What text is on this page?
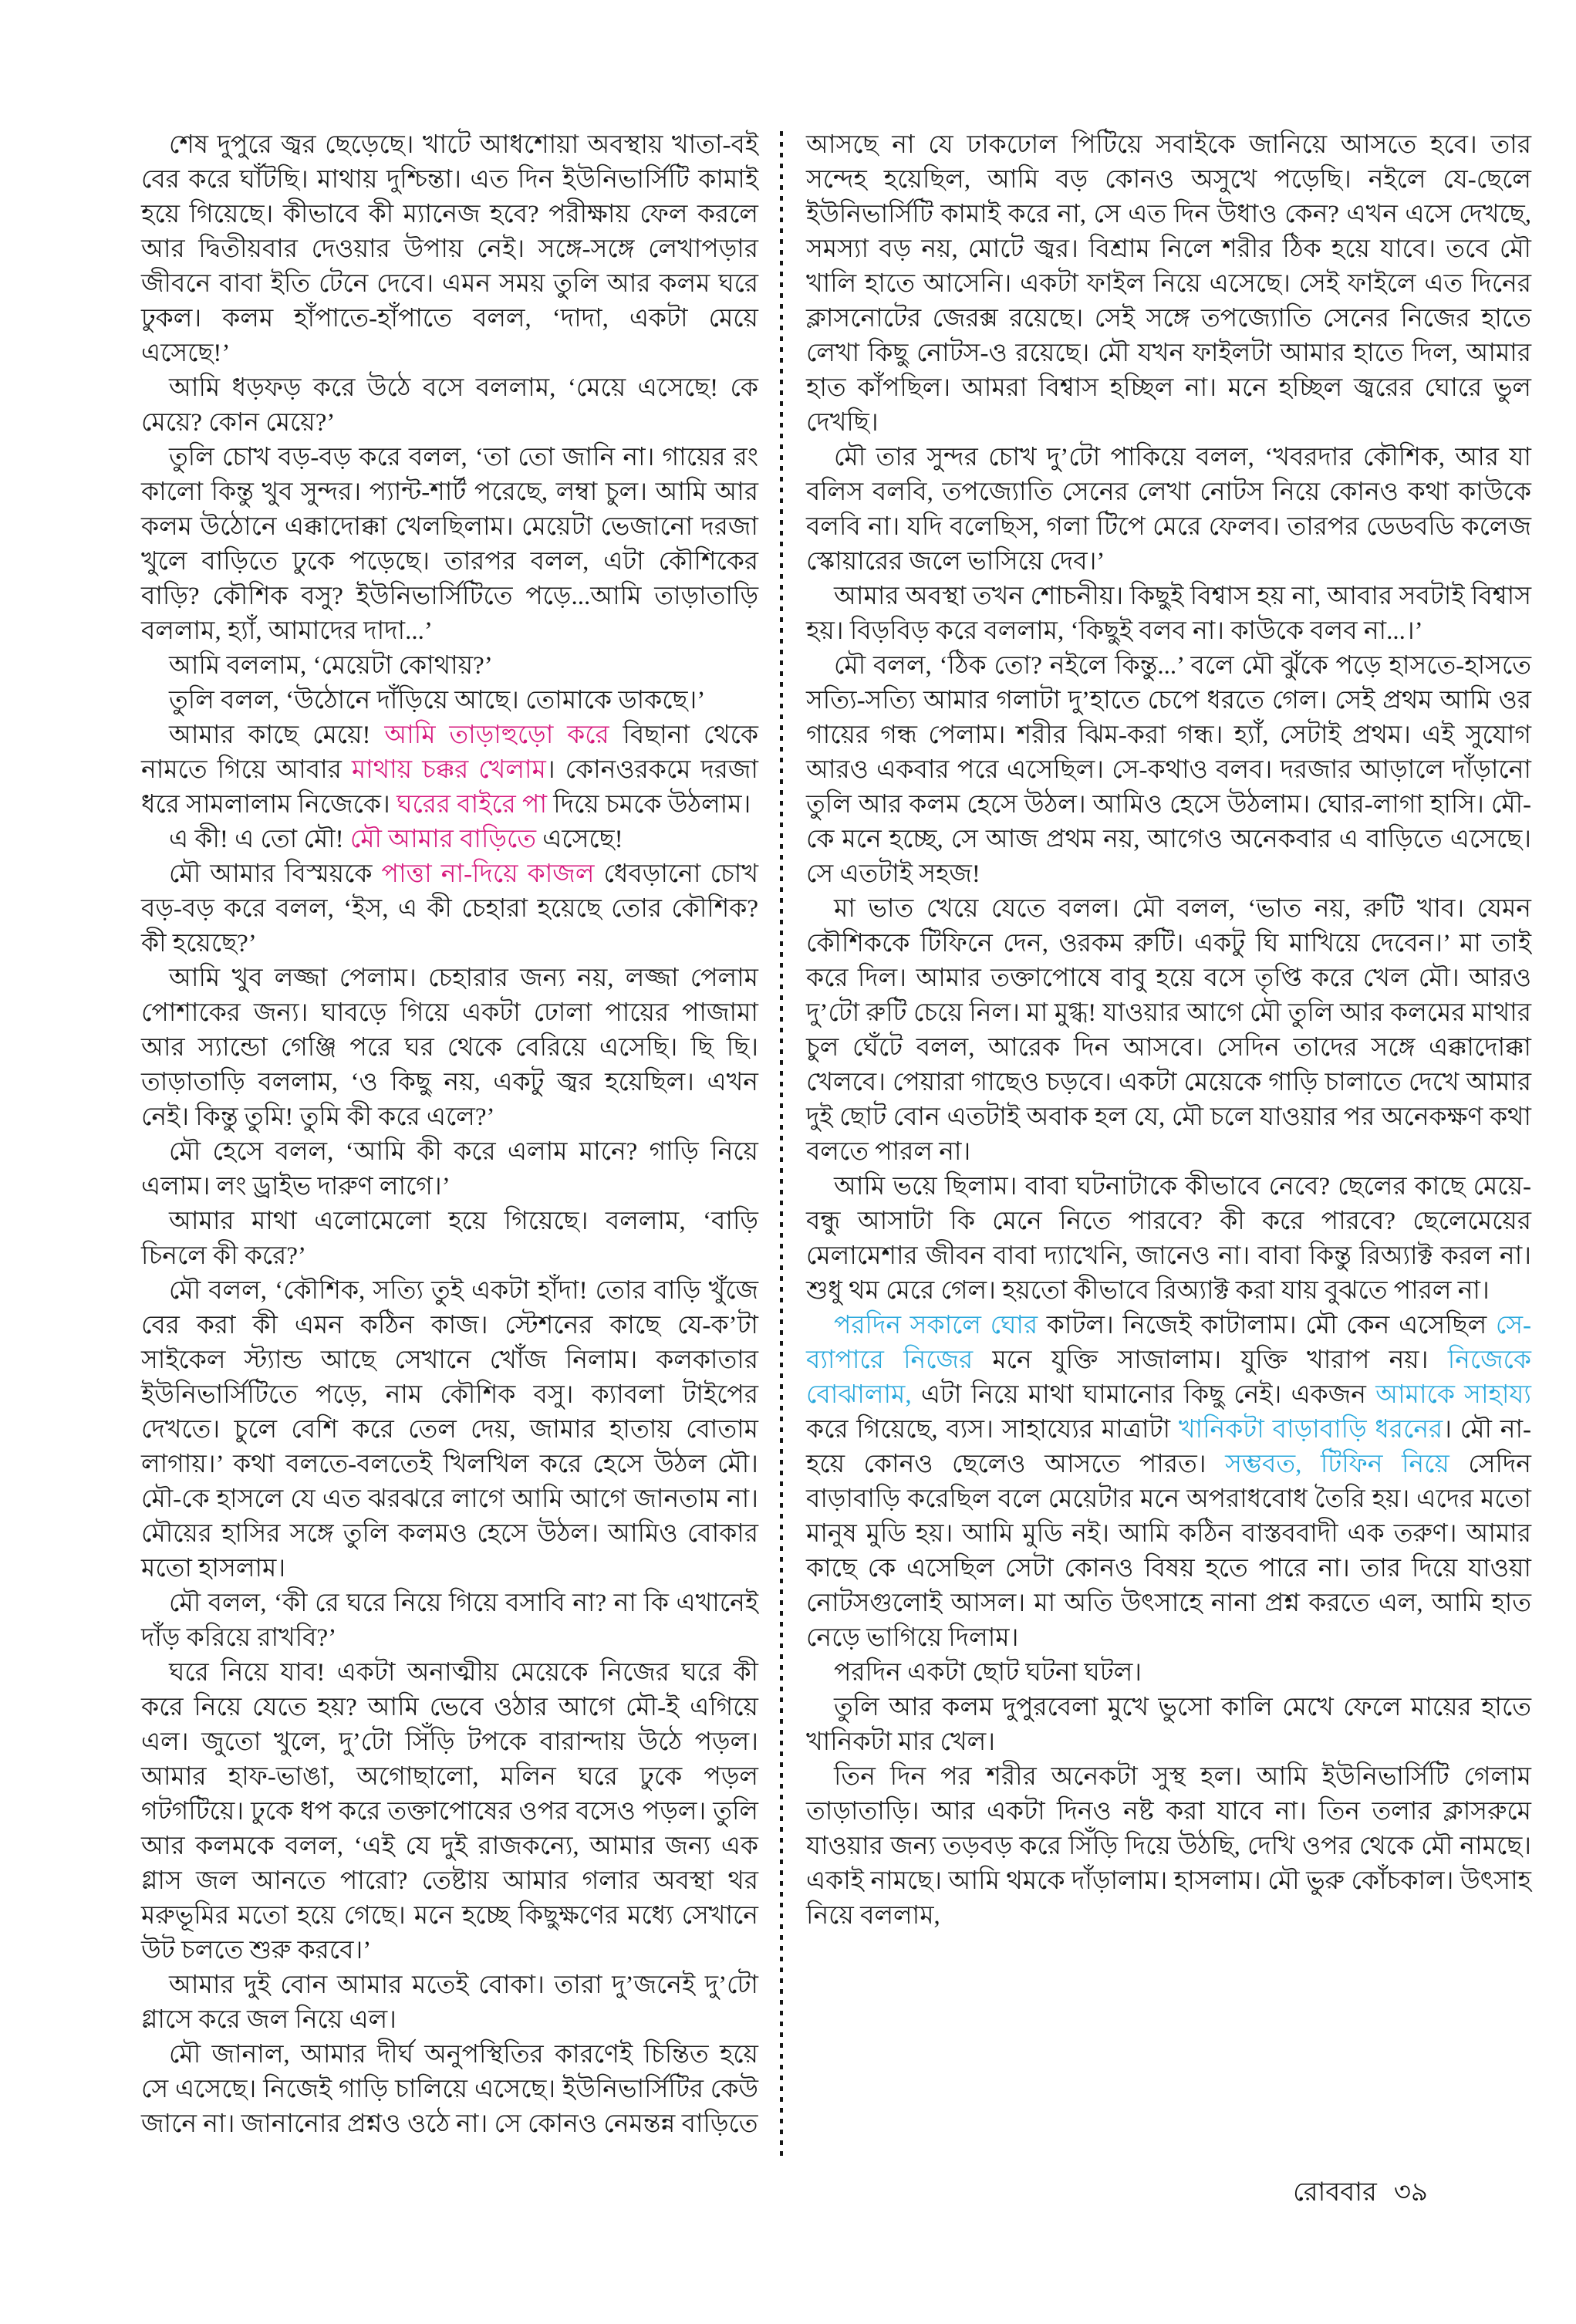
শেষ দুপুরে জ্বর ছেড়েছে। খাটে আধশোয়া অবস্থায় খাতা-বই বের করে ঘাঁটছি। মাথায় দুশ্চিন্তা। এত দিন ইউনিভার্সিটি কামাই হয়ে গিয়েছে। কীভাবে কী ম্যানেজ হবে? পরীক্ষায় ফেল করলে আর দ্বিতীয়বার দেওয়ার উপায় নেই। সঙ্গে-সঙ্গে লেখাপড়ার জীবনে বাবা ইতি টেনে দেবে। এমন সময় তুলি আর কলম ঘরে ঢুকল। কলম হাঁপাতে-হাঁপাতে বলল, ‘দাদা, একটা মেয়ে এসেছে!’

আমি ধড়ফড় করে উঠে বসে বললাম, ‘মেয়ে এসেছে! কে মেয়ে? কোন মেয়ে?’

তুলি চোখ বড়-বড় করে বলল, ‘তা তো জানি না। গায়ের রং কালো কিন্তু খুব সুন্দর। প্যান্ট-শার্ট পরেছে, লম্বা চুল। আমি আর কলম উঠোনে এক্কাদোক্কা খেলছিলাম। মেয়েটা ভেজানো দরজা খুলে বাড়িতে ঢুকে পড়েছে। তারপর বলল, এটা কৌশিকের বাড়ি? কৌশিক বসু? ইউনিভার্সিটিতে পড়ে...আমি তাড়াতাড়ি বললাম, হ্যাঁ, আমাদের দাদা...’

আমি বললাম, ‘মেয়েটা কোথায়?’

তুলি বলল, ‘উঠোনে দাঁড়িয়ে আছে। তোমাকে ডাকছে।’

আমার কাছে মেয়ে! আমি তাড়াহুড়ো করে বিছানা থেকে নামতে গিয়ে আবার মাথায় চক্কর খেলাম। কোনওরকমে দরজা ধরে সামলালাম নিজেকে। ঘরের বাইরে পা দিয়ে চমকে উঠলাম।

এ কী! এ তো মৌ! মৌ আমার বাড়িতে এসেছে!

মৌ আমার বিস্ময়কে পাত্তা না-দিয়ে কাজল ধেবড়ানো চোখ বড়-বড় করে বলল, ‘ইস, এ কী চেহারা হয়েছে তোর কৌশিক? কী হয়েছে?’

আমি খুব লজ্জা পেলাম। চেহারার জন্য নয়, লজ্জা পেলাম পোশাকের জন্য। ঘাবড়ে গিয়ে একটা ঢোলা পায়ের পাজামা আর স্যান্ডো গেঞ্জি পরে ঘর থেকে বেরিয়ে এসেছি। ছি ছি। তাড়াতাড়ি বললাম, ‘ও কিছু নয়, একটু জ্বর হয়েছিল। এখন নেই। কিন্তু তুমি! তুমি কী করে এলে?’

মৌ হেসে বলল, ‘আমি কী করে এলাম মানে? গাড়ি নিয়ে এলাম। লং ড্রাইভ দারুণ লাগে।’

আমার মাথা এলোমেলো হয়ে গিয়েছে। বললাম, ‘বাড়ি চিনলে কী করে?’

মৌ বলল, ‘কৌশিক, সত্যি তুই একটা হাঁদা! তোর বাড়ি খুঁজে বের করা কী এমন কঠিন কাজ। স্টেশনের কাছে যে-ক’টা সাইকেল স্ট্যান্ড আছে সেখানে খোঁজ নিলাম। কলকাতার ইউনিভার্সিটিতে পড়ে, নাম কৌশিক বসু। ক্যাবলা টাইপের দেখতে। চুলে বেশি করে তেল দেয়, জামার হাতায় বোতাম লাগায়।’ কথা বলতে-বলতেই খিলখিল করে হেসে উঠল মৌ। মৌ-কে হাসলে যে এত ঝরঝরে লাগে আমি আগে জানতাম না। মৌয়ের হাসির সঙ্গে তুলি কলমও হেসে উঠল। আমিও বোকার মতো হাসলাম।

মৌ বলল, ‘কী রে ঘরে নিয়ে গিয়ে বসাবি না? না কি এখানেই দাঁড় করিয়ে রাখবি?’

ঘরে নিয়ে যাব! একটা অনাত্মীয় মেয়েকে নিজের ঘরে কী করে নিয়ে যেতে হয়? আমি ভেবে ওঠার আগে মৌ-ই এগিয়ে এল। জুতো খুলে, দু’টো সিঁড়ি টপকে বারান্দায় উঠে পড়ল। আমার হাফ-ভাঙা, অগোছালো, মলিন ঘরে ঢুকে পড়ল গটগটিয়ে। ঢুকে ধপ করে তক্তাপোষের ওপর বসেও পড়ল। তুলি আর কলমকে বলল, ‘এই যে দুই রাজকন্যে, আমার জন্য এক গ্লাস জল আনতে পারো? তেষ্টায় আমার গলার অবস্থা থর মরুভূমির মতো হয়ে গেছে। মনে হচ্ছে কিছুক্ষণের মধ্যে সেখানে উট চলতে শুরু করবে।’

আমার দুই বোন আমার মতেই বোকা। তারা দু’জনেই দু’টো গ্লাসে করে জল নিয়ে এল।

মৌ জানাল, আমার দীর্ঘ অনুপস্থিতির কারণেই চিন্তিত হয়ে সে এসেছে। নিজেই গাড়ি চালিয়ে এসেছে। ইউনিভার্সিটির কেউ জানে না। জানানোর প্রশ্নও ওঠে না। সে কোনও নেমন্তন্ন বাড়িতে

আসছে না যে ঢাকঢোল পিটিয়ে সবাইকে জানিয়ে আসতে হবে। তার সন্দেহ হয়েছিল, আমি বড় কোনও অসুখে পড়েছি। নইলে যে-ছেলে ইউনিভার্সিটি কামাই করে না, সে এত দিন উধাও কেন? এখন এসে দেখছে, সমস্যা বড় নয়, মোটে জ্বর। বিশ্রাম নিলে শরীর ঠিক হয়ে যাবে। তবে মৌ খালি হাতে আসেনি। একটা ফাইল নিয়ে এসেছে। সেই ফাইলে এত দিনের ক্লাসনোটের জেরক্স রয়েছে। সেই সঙ্গে তপজ্যোতি সেনের নিজের হাতে লেখা কিছু নোটস-ও রয়েছে। মৌ যখন ফাইলটা আমার হাতে দিল, আমার হাত কাঁপছিল। আমরা বিশ্বাস হচ্ছিল না। মনে হচ্ছিল জ্বরের ঘোরে ভুল দেখছি।

মৌ তার সুন্দর চোখ দু’টো পাকিয়ে বলল, ‘খবরদার কৌশিক, আর যা বলিস বলবি, তপজ্যোতি সেনের লেখা নোটস নিয়ে কোনও কথা কাউকে বলবি না। যদি বলেছিস, গলা টিপে মেরে ফেলব। তারপর ডেডবডি কলেজ স্কোয়ারের জলে ভাসিয়ে দেব।’

আমার অবস্থা তখন শোচনীয়। কিছুই বিশ্বাস হয় না, আবার সবটাই বিশ্বাস হয়। বিড়বিড় করে বললাম, ‘কিছুই বলব না। কাউকে বলব না...।’

মৌ বলল, ‘ঠিক তো? নইলে কিন্তু...’ বলে মৌ ঝুঁকে পড়ে হাসতে-হাসতে সত্যি-সত্যি আমার গলাটা দু’হাতে চেপে ধরতে গেল। সেই প্রথম আমি ওর গায়ের গন্ধ পেলাম। শরীর ঝিম-করা গন্ধ। হ্যাঁ, সেটাই প্রথম। এই সুযোগ আরও একবার পরে এসেছিল। সে-কথাও বলব। দরজার আড়ালে দাঁড়ানো তুলি আর কলম হেসে উঠল। আমিও হেসে উঠলাম। ঘোর-লাগা হাসি। মৌ-কে মনে হচ্ছে, সে আজ প্রথম নয়, আগেও অনেকবার এ বাড়িতে এসেছে। সে এতটাই সহজ!

মা ভাত খেয়ে যেতে বলল। মৌ বলল, ‘ভাত নয়, রুটি খাব। যেমন কৌশিককে টিফিনে দেন, ওরকম রুটি। একটু ঘি মাখিয়ে দেবেন।’ মা তাই করে দিল। আমার তক্তাপোষে বাবু হয়ে বসে তৃপ্তি করে খেল মৌ। আরও দু’টো রুটি চেয়ে নিল। মা মুগ্ধ! যাওয়ার আগে মৌ তুলি আর কলমের মাথার চুল ঘেঁটে বলল, আরেক দিন আসবে। সেদিন তাদের সঙ্গে এক্কাদোক্কা খেলবে। পেয়ারা গাছেও চড়বে। একটা মেয়েকে গাড়ি চালাতে দেখে আমার দুই ছোট বোন এতটাই অবাক হল যে, মৌ চলে যাওয়ার পর অনেকক্ষণ কথা বলতে পারল না।

আমি ভয়ে ছিলাম। বাবা ঘটনাটাকে কীভাবে নেবে? ছেলের কাছে মেয়ে-বন্ধু আসাটা কি মেনে নিতে পারবে? কী করে পারবে? ছেলেমেয়ের মেলামেশার জীবন বাবা দ্যাখেনি, জানেও না। বাবা কিন্তু রিঅ্যাক্ট করল না। শুধু থম মেরে গেল। হয়তো কীভাবে রিঅ্যাক্ট করা যায় বুঝতে পারল না।

পরদিন সকালে ঘোর কাটল। নিজেই কাটালাম। মৌ কেন এসেছিল সে-ব্যাপারে নিজের মনে যুক্তি সাজালাম। যুক্তি খারাপ নয়। নিজেকে বোঝালাম, এটা নিয়ে মাথা ঘামানোর কিছু নেই। একজন আমাকে সাহায্য করে গিয়েছে, ব্যস। সাহায্যের মাত্রাটা খানিকটা বাড়াবাড়ি ধরনের। মৌ না-হয়ে কোনও ছেলেও আসতে পারত। সম্ভবত, টিফিন নিয়ে সেদিন বাড়াবাড়ি করেছিল বলে মেয়েটার মনে অপরাধবোধ তৈরি হয়। এদের মতো মানুষ মুডি হয়। আমি মুডি নই। আমি কঠিন বাস্তববাদী এক তরুণ। আমার কাছে কে এসেছিল সেটা কোনও বিষয় হতে পারে না। তার দিয়ে যাওয়া নোটসগুলোই আসল। মা অতি উৎসাহে নানা প্রশ্ন করতে এল, আমি হাত নেড়ে ভাগিয়ে দিলাম।

পরদিন একটা ছোট ঘটনা ঘটল।

তুলি আর কলম দুপুরবেলা মুখে ভুসো কালি মেখে ফেলে মায়ের হাতে খানিকটা মার খেল।

তিন দিন পর শরীর অনেকটা সুস্থ হল। আমি ইউনিভার্সিটি গেলাম তাড়াতাড়ি। আর একটা দিনও নষ্ট করা যাবে না। তিন তলার ক্লাসরুমে যাওয়ার জন্য তড়বড় করে সিঁড়ি দিয়ে উঠছি, দেখি ওপর থেকে মৌ নামছে। একাই নামছে। আমি থমকে দাঁড়ালাম। হাসলাম। মৌ ভুরু কোঁচকাল। উৎসাহ নিয়ে বললাম,

রোববার ৩৯
